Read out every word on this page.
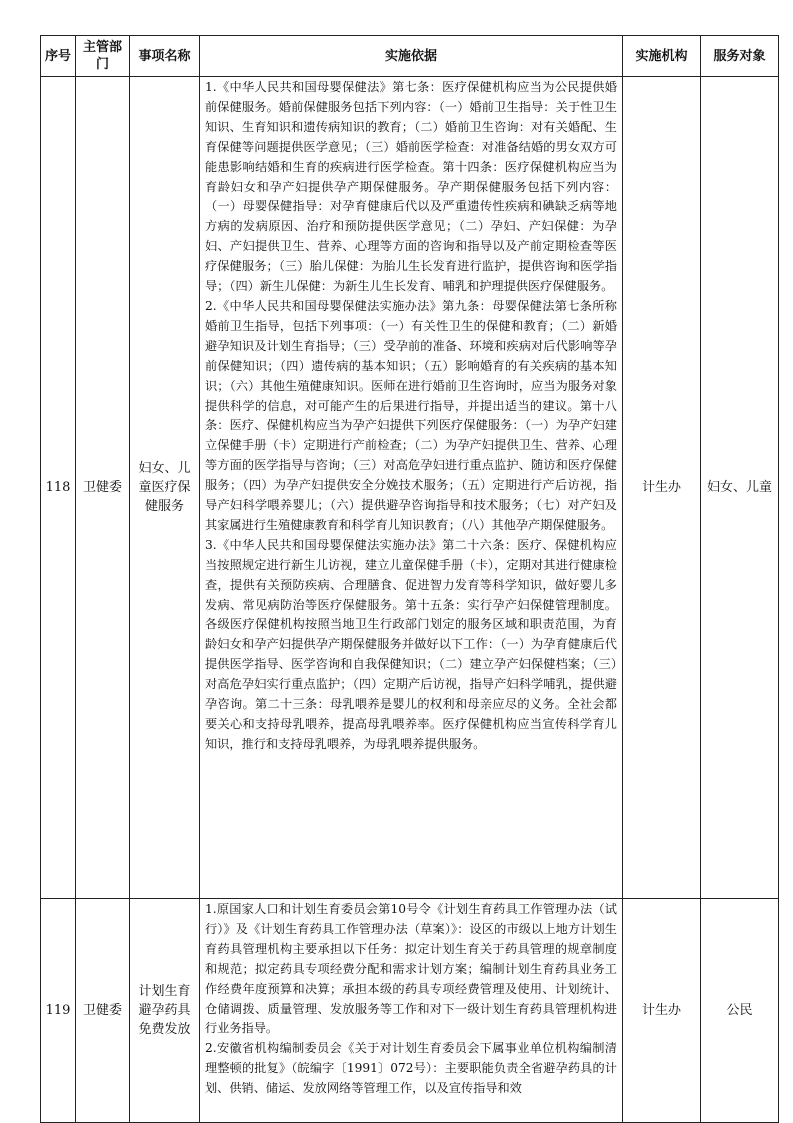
序号	主管部门	事项名称	实施依据	实施机构	服务对象
118	卫健委	妇女、儿童医疗保健服务	1.《中华人民共和国母婴保健法》第七条：医疗保健机构应当为公民提供婚前保健服务。婚前保健服务包括下列内容：（一）婚前卫生指导：关于性卫生知识、生育知识和遗传病知识的教育；（二）婚前卫生咨询：对有关婚配、生育保健等问题提供医学意见；（三）婚前医学检查：对准备结婚的男女双方可能患影响结婚和生育的疾病进行医学检查。第十四条：医疗保健机构应当为育龄妇女和孕产妇提供孕产期保健服务。孕产期保健服务包括下列内容：（一）母婴保健指导：对孕育健康后代以及严重遗传性疾病和碘缺乏病等地方病的发病原因、治疗和预防提供医学意见；（二）孕妇、产妇保健：为孕妇、产妇提供卫生、营养、心理等方面的咨询和指导以及产前定期检查等医疗保健服务；（三）胎儿保健：为胎儿生长发育进行监护，提供咨询和医学指导；（四）新生儿保健：为新生儿生长发育、哺乳和护理提供医疗保健服务。

2.《中华人民共和国母婴保健法实施办法》第九条：母婴保健法第七条所称婚前卫生指导，包括下列事项：（一）有关性卫生的保健和教育；（二）新婚避孕知识及计划生育指导；（三）受孕前的准备、环境和疾病对后代影响等孕前保健知识；（四）遗传病的基本知识；（五）影响婚育的有关疾病的基本知识；（六）其他生殖健康知识。医师在进行婚前卫生咨询时，应当为服务对象提供科学的信息，对可能产生的后果进行指导，并提出适当的建议。第十八条：医疗、保健机构应当为孕产妇提供下列医疗保健服务：（一）为孕产妇建立保健手册（卡）定期进行产前检查；（二）为孕产妇提供卫生、营养、心理等方面的医学指导与咨询；（三）对高危孕妇进行重点监护、随访和医疗保健服务；（四）为孕产妇提供安全分娩技术服务；（五）定期进行产后访视，指导产妇科学喂养婴儿；（六）提供避孕咨询指导和技术服务；（七）对产妇及其家属进行生殖健康教育和科学育儿知识教育；（八）其他孕产期保健服务。

3.《中华人民共和国母婴保健法实施办法》第二十六条：医疗、保健机构应当按照规定进行新生儿访视，建立儿童保健手册（卡），定期对其进行健康检查，提供有关预防疾病、合理膳食、促进智力发育等科学知识，做好婴儿多发病、常见病防治等医疗保健服务。第十五条：实行孕产妇保健管理制度。各级医疗保健机构按照当地卫生行政部门划定的服务区域和职责范围，为育龄妇女和孕产妇提供孕产期保健服务并做好以下工作：（一）为孕育健康后代提供医学指导、医学咨询和自我保健知识；（二）建立孕产妇保健档案；（三）对高危孕妇实行重点监护；（四）定期产后访视，指导产妇科学哺乳，提供避孕咨询。第二十三条：母乳喂养是婴儿的权利和母亲应尽的义务。全社会都要关心和支持母乳喂养，提高母乳喂养率。医疗保健机构应当宣传科学育儿知识，推行和支持母乳喂养，为母乳喂养提供服务。	计生办	妇女、儿童
119	卫健委	计划生育避孕药具免费发放	1.原国家人口和计划生育委员会第10号令《计划生育药具工作管理办法（试行）》及《计划生育药具工作管理办法（草案）》：设区的市级以上地方计划生育药具管理机构主要承担以下任务：拟定计划生育关于药具管理的规章制度和规范；拟定药具专项经费分配和需求计划方案；编制计划生育药具业务工作经费年度预算和决算；承担本级的药具专项经费管理及使用、计划统计、仓储调拨、质量管理、发放服务等工作和对下一级计划生育药具管理机构进行业务指导。

2.安徽省机构编制委员会《关于对计划生育委员会下属事业单位机构编制清理整顿的批复》（皖编字〔1991〕072号）：主要职能负责全省避孕药具的计划、供销、储运、发放网络等管理工作，以及宣传指导和效	计生办	公民
